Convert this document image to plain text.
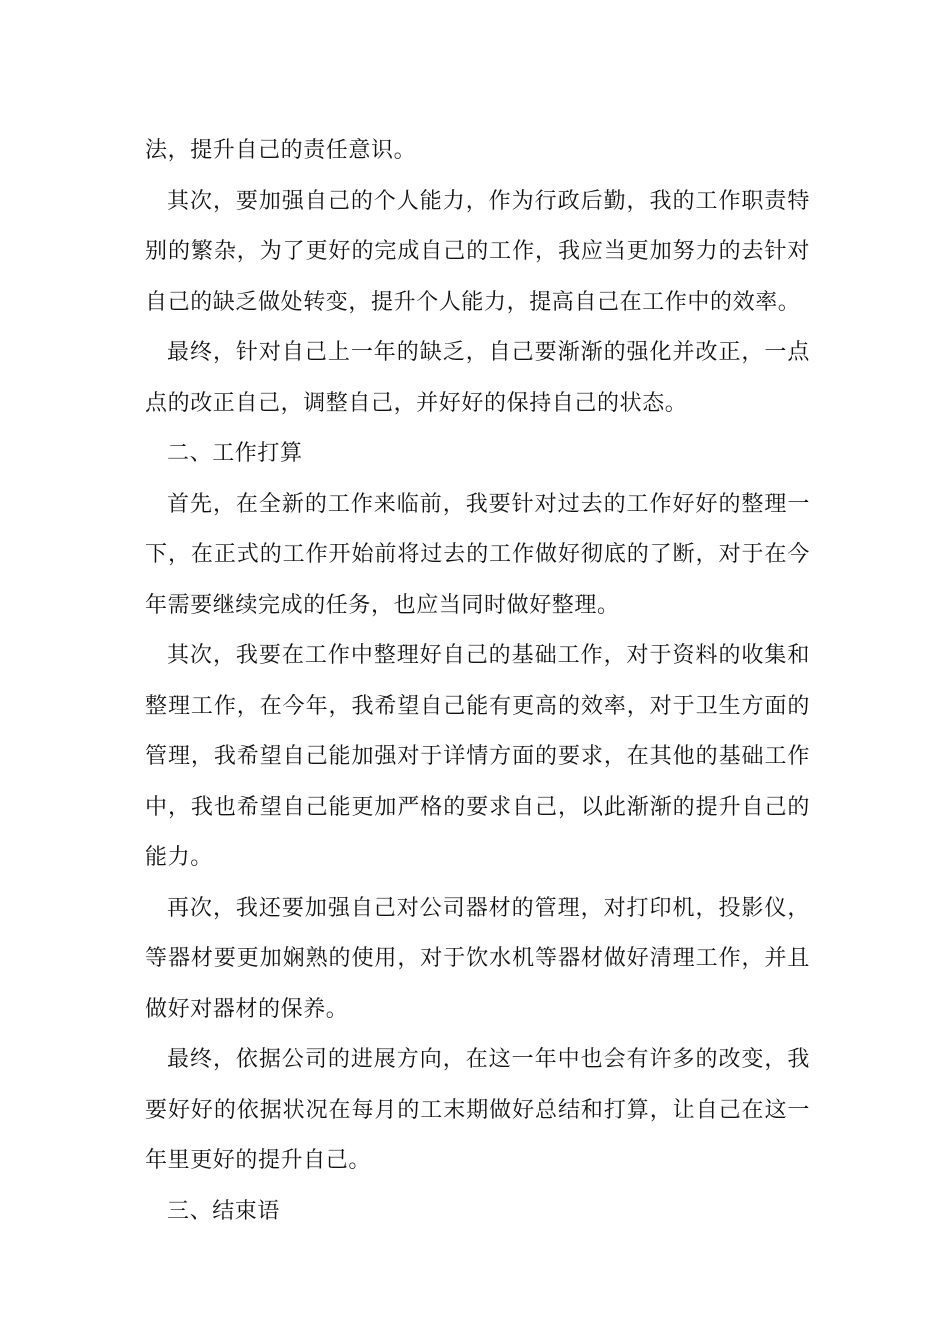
法，提升自己的责任意识。

其次，要加强自己的个人能力，作为行政后勤，我的工作职责特别的繁杂，为了更好的完成自己的工作，我应当更加努力的去针对自己的缺乏做处转变，提升个人能力，提高自己在工作中的效率。

最终，针对自己上一年的缺乏，自己要渐渐的强化并改正，一点点的改正自己，调整自己，并好好的保持自己的状态。

二、工作打算

首先，在全新的工作来临前，我要针对过去的工作好好的整理一下，在正式的工作开始前将过去的工作做好彻底的了断，对于在今年需要继续完成的任务，也应当同时做好整理。

其次，我要在工作中整理好自己的基础工作，对于资料的收集和整理工作，在今年，我希望自己能有更高的效率，对于卫生方面的管理，我希望自己能加强对于详情方面的要求，在其他的基础工作中，我也希望自己能更加严格的要求自己，以此渐渐的提升自己的能力。

再次，我还要加强自己对公司器材的管理，对打印机，投影仪，等器材要更加娴熟的使用，对于饮水机等器材做好清理工作，并且做好对器材的保养。

最终，依据公司的进展方向，在这一年中也会有许多的改变，我要好好的依据状况在每月的工末期做好总结和打算，让自己在这一年里更好的提升自己。

三、结束语
